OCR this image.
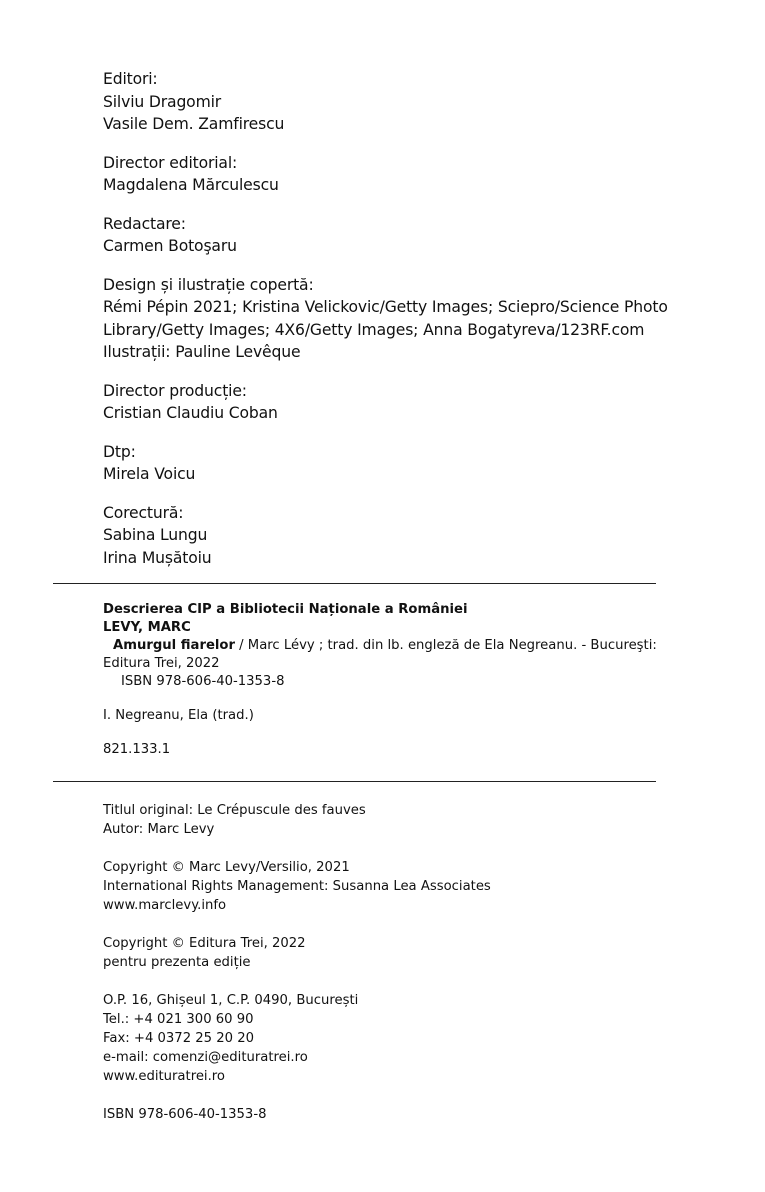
Editori:
Silviu Dragomir
Vasile Dem. Zamfirescu
Director editorial:
Magdalena Mărculescu
Redactare:
Carmen Botoşaru
Design și ilustrație copertă:
Rémi Pépin 2021; Kristina Velickovic/Getty Images; Sciepro/Science Photo
Library/Getty Images; 4X6/Getty Images; Anna Bogatyreva/123RF.com
Ilustrații: Pauline Levêque
Director producție:
Cristian Claudiu Coban
Dtp:
Mirela Voicu
Corectură:
Sabina Lungu
Irina Mușătoiu
Descrierea CIP a Bibliotecii Naționale a României
LEVY, MARC
Amurgul fiarelor / Marc Lévy ; trad. din lb. engleză de Ela Negreanu. - Bucureşti: Editura Trei, 2022
ISBN 978-606-40-1353-8
I. Negreanu, Ela (trad.)
821.133.1
Titlul original: Le Crépuscule des fauves
Autor: Marc Levy
Copyright © Marc Levy/Versilio, 2021
International Rights Management: Susanna Lea Associates
www.marclevy.info
Copyright © Editura Trei, 2022
pentru prezenta ediție
O.P. 16, Ghișeul 1, C.P. 0490, București
Tel.: +4 021 300 60 90
Fax: +4 0372 25 20 20
e-mail: comenzi@edituratrei.ro
www.edituratrei.ro
ISBN 978-606-40-1353-8
